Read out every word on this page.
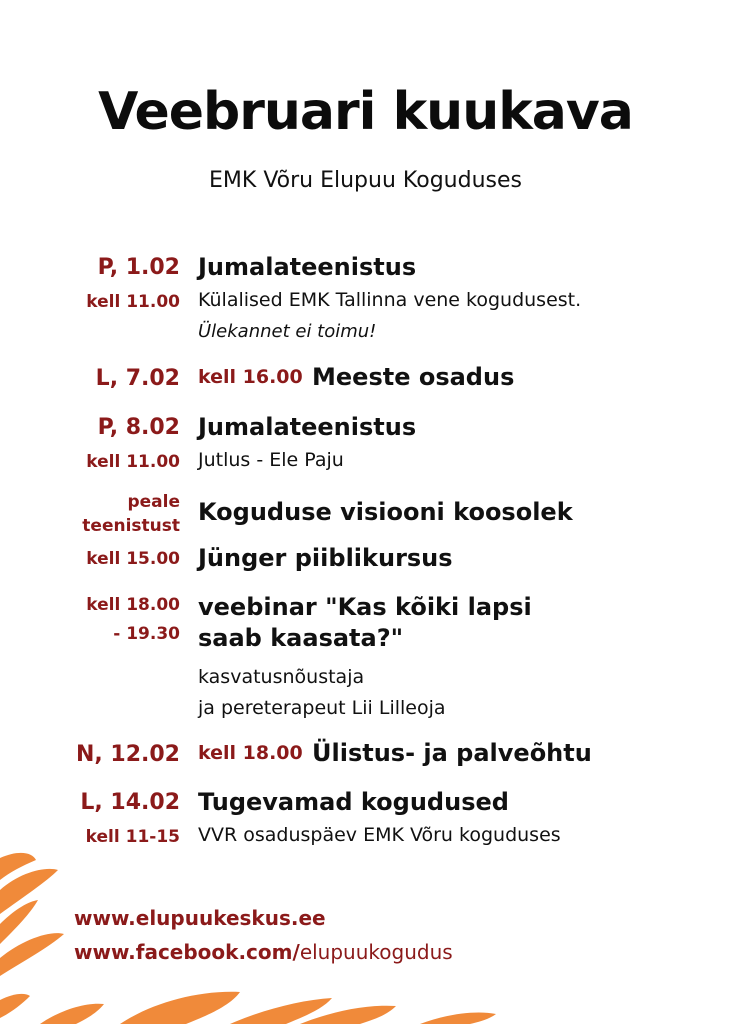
Veebruari kuukava
EMK Võru Elupuu Koguduses
P, 1.02 Jumalateenistus
kell 11.00 Külalised EMK Tallinna vene kogudusest.
Ülekannet ei toimu!
L, 7.02 kell 16.00 Meeste osadus
P, 8.02 Jumalateenistus
kell 11.00 Jutlus - Ele Paju
peale
teenistust Koguduse visiooni koosolek
kell 15.00 Jünger piiblikursus
kell 18.00
- 19.30
veebinar "Kas kõiki lapsi
saab kaasata?"
kasvatusnõustaja
ja pereterapeut Lii Lilleoja
N, 12.02 kell 18.00 Ülistus- ja palveõhtu
L, 14.02 Tugevamad kogudused
kell 11-15 VVR osaduspäev EMK Võru koguduses
www.elupuukeskus.ee
www.facebook.com/elupuukogudus
